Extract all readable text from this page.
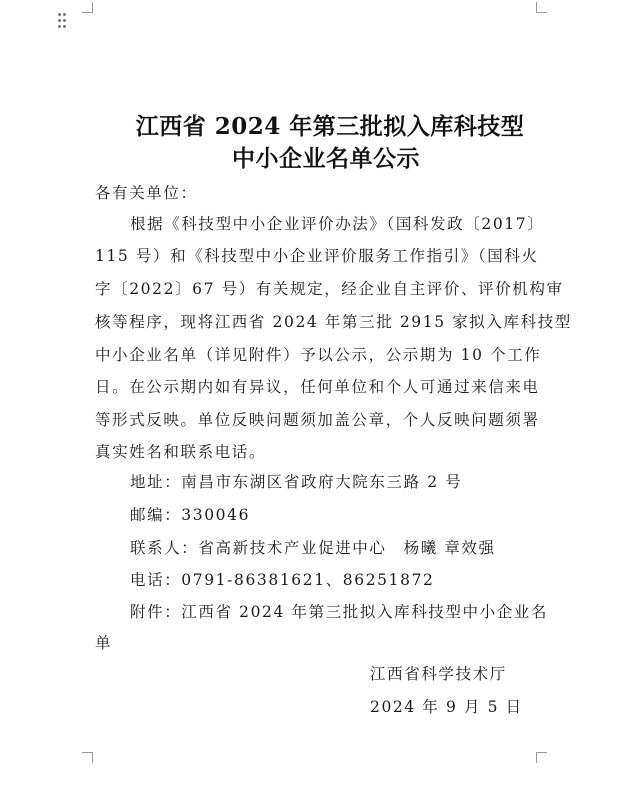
江西省 2024 年第三批拟入库科技型
中小企业名单公示
各有关单位：
根据《科技型中小企业评价办法》（国科发政〔2017〕
115 号）和《科技型中小企业评价服务工作指引》（国科火
字〔2022〕67 号）有关规定，经企业自主评价、评价机构审
核等程序，现将江西省 2024 年第三批 2915 家拟入库科技型
中小企业名单（详见附件）予以公示，公示期为 10 个工作
日。在公示期内如有异议，任何单位和个人可通过来信来电
等形式反映。单位反映问题须加盖公章，个人反映问题须署
真实姓名和联系电话。
地址：南昌市东湖区省政府大院东三路 2 号
邮编：330046
联系人：省高新技术产业促进中心　杨曦 章效强
电话：0791-86381621、86251872
附件：江西省 2024 年第三批拟入库科技型中小企业名
单
江西省科学技术厅
2024 年 9 月 5 日
